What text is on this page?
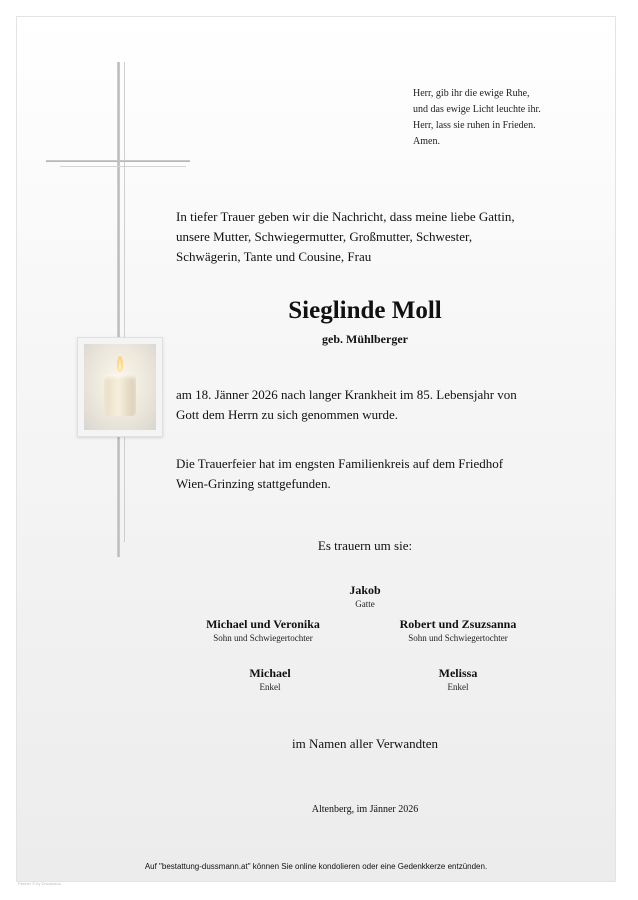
Herr, gib ihr die ewige Ruhe,
und das ewige Licht leuchte ihr.
Herr, lass sie ruhen in Frieden.
Amen.
In tiefer Trauer geben wir die Nachricht, dass meine liebe Gattin,
unsere Mutter, Schwiegermutter, Großmutter, Schwester,
Schwägerin, Tante und Cousine, Frau
Sieglinde Moll
geb. Mühlberger
am 18. Jänner 2026 nach langer Krankheit im 85. Lebensjahr von
Gott dem Herrn zu sich genommen wurde.
Die Trauerfeier hat im engsten Familienkreis auf dem Friedhof
Wien-Grinzing stattgefunden.
Es trauern um sie:
Jakob
Gatte
Michael und Veronika
Sohn und Schwiegertochter
Robert und Zsuzsanna
Sohn und Schwiegertochter
Michael
Enkel
Melissa
Enkel
im Namen aller Verwandten
Altenberg, im Jänner 2026
Auf "bestattung-dussmann.at" können Sie online kondolieren oder eine Gedenkkerze entzünden.
Partner © by Druckhaus
